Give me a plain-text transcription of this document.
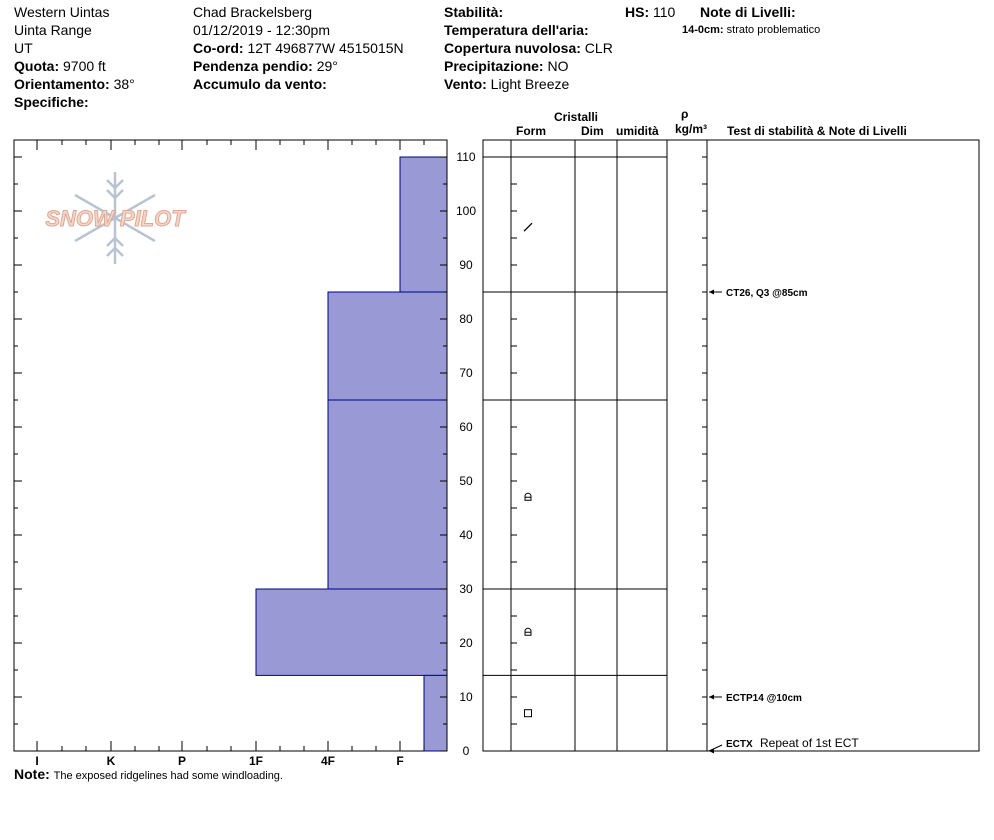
Western Uintas
Uinta Range
UT
Quota: 9700 ft
Orientamento: 38°
Specifiche:
Chad Brackelsberg
01/12/2019 - 12:30pm
Co-ord: 12T 496877W 4515015N
Pendenza pendio: 29°
Accumulo da vento:
Stabilità:
Temperatura dell'aria:
Copertura nuvolosa: CLR
Precipitazione: NO
Vento: Light Breeze
HS: 110 Note di Livelli:
14-0cm: strato problematico
Cristalli
Form	Dim umidità
ρ
kg/m³ Test di stabilità & Note di Livelli
I	K	P	1F	4F	F
0
10
20
30
40
50
60
70
80
90
100
110
CT26, Q3 @85cm
ECTP14 @10cm
ECTX Repeat of 1st ECT
SNOW PILOT
Note: The exposed ridgelines had some windloading.
